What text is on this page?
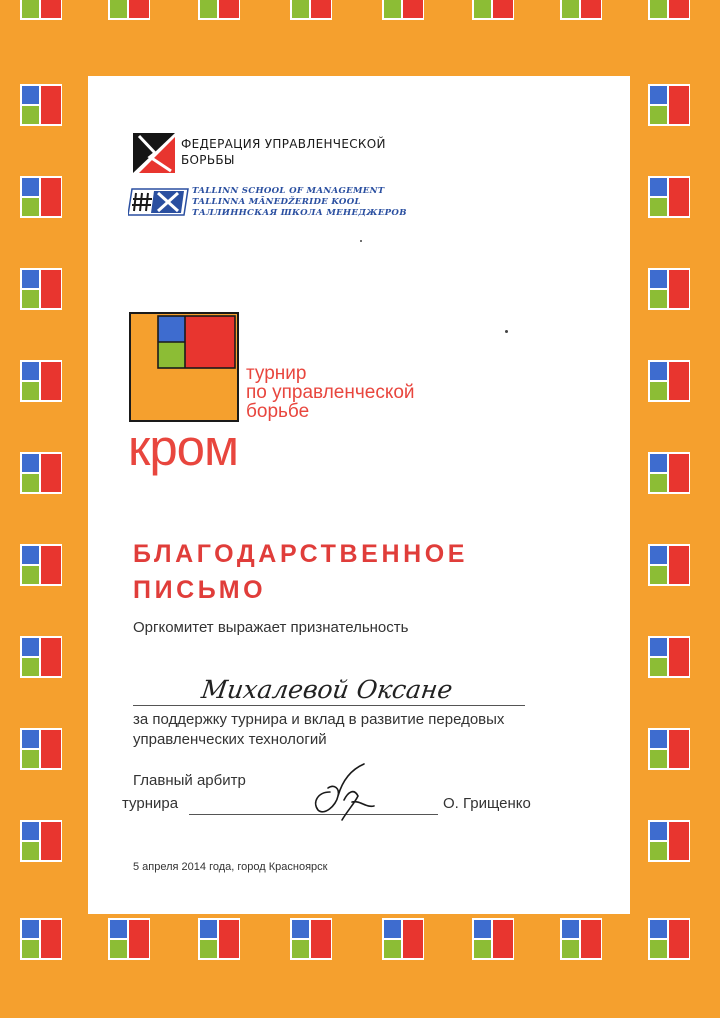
ФЕДЕРАЦИЯ УПРАВЛЕНЧЕСКОЙ
БОРЬБЫ
TALLINN SCHOOL OF MANAGEMENT
TALLINNA MĀNEDŽERIDE KOOL
ТАЛЛИННСКАЯ ШКОЛА МЕНЕДЖЕРОВ
турнир
по управленческой
борьбе
кром
БЛАГОДАРСТВЕННОЕ
ПИСЬМО
Оргкомитет выражает признательность
Михалевой Оксане
за поддержку турнира и вклад в развитие передовых
управленческих технологий
Главный арбитр
турнира	О. Грищенко
5 апреля 2014 года, город Красноярск
